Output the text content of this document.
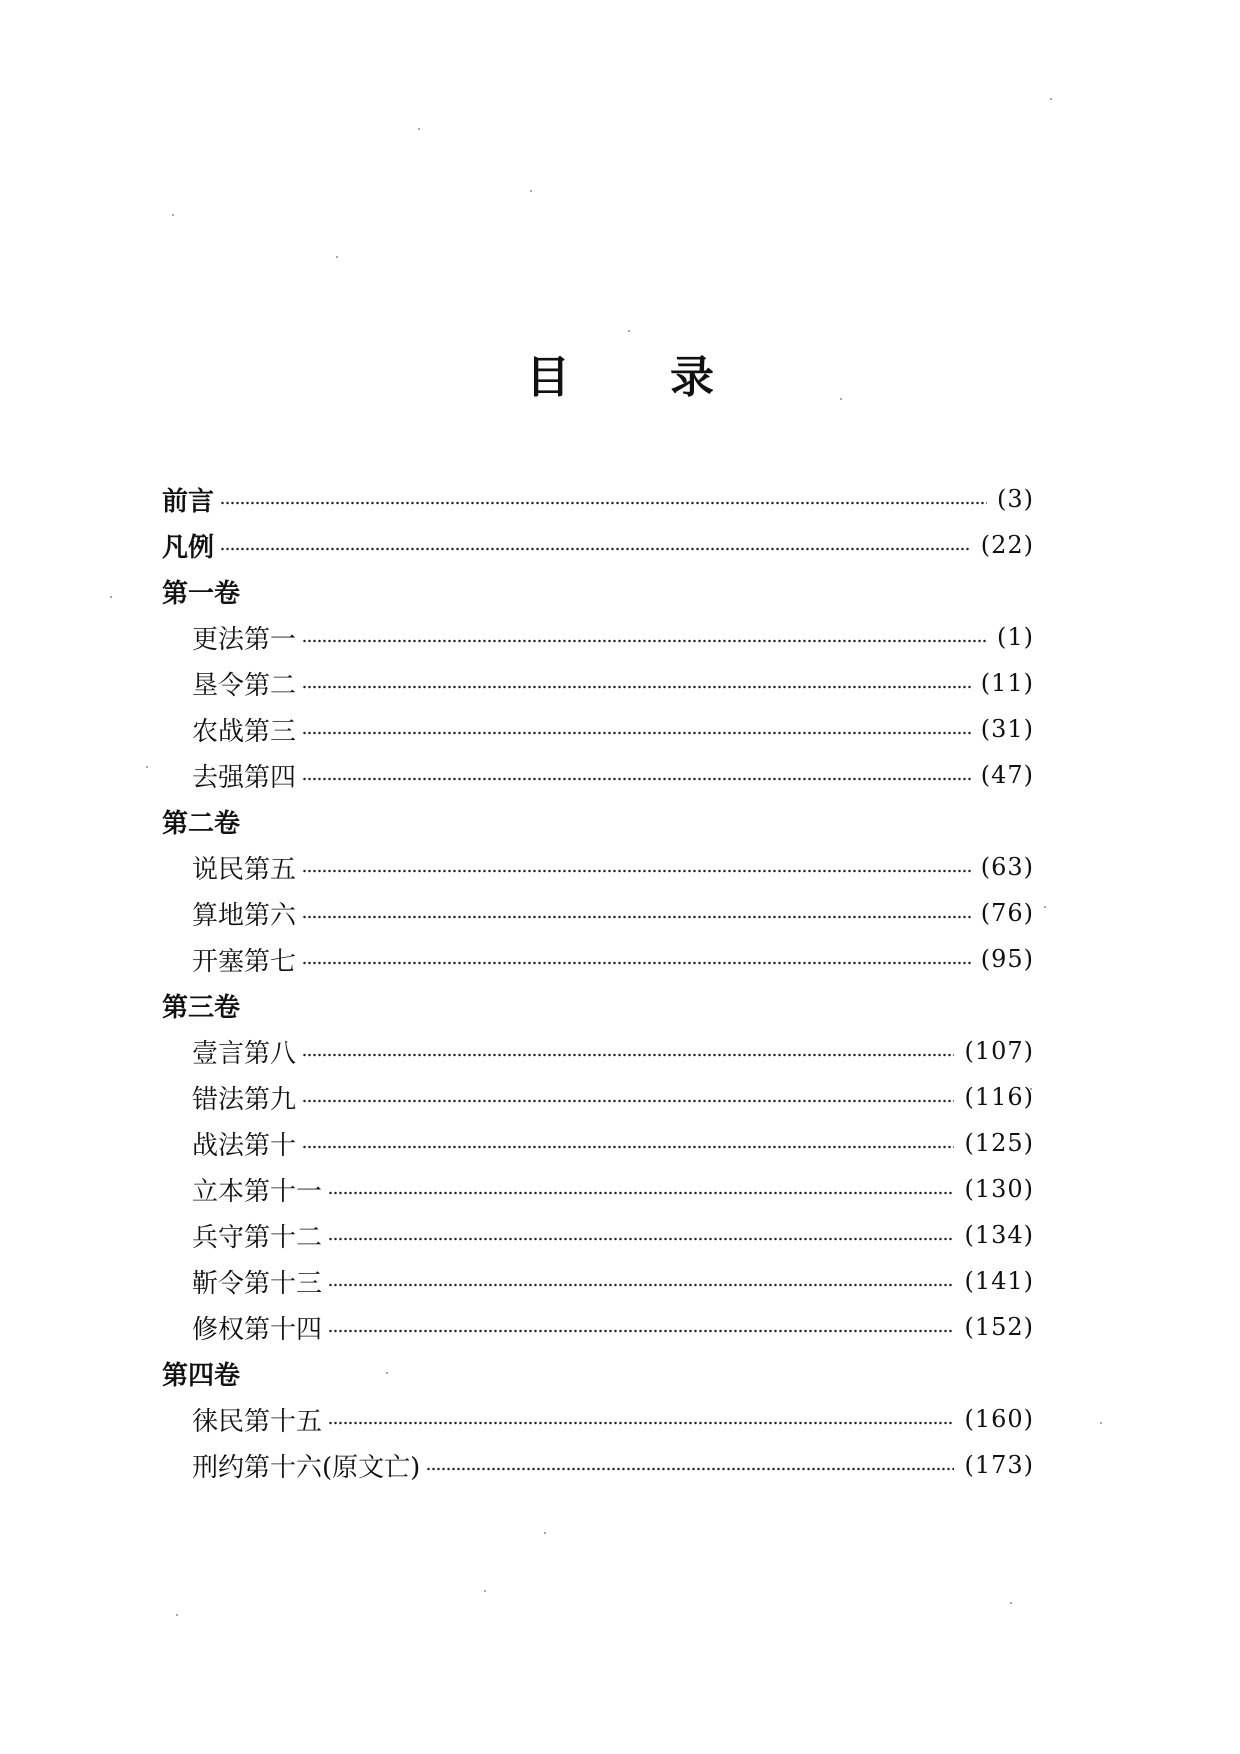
目 录
前言	(3)
凡例	(22)
第一卷
更法第一	(1)
垦令第二	(11)
农战第三	(31)
去强第四	(47)
第二卷
说民第五	(63)
算地第六	(76)
开塞第七	(95)
第三卷
壹言第八	(107)
错法第九	(116)
战法第十	(125)
立本第十一	(130)
兵守第十二	(134)
靳令第十三	(141)
修权第十四	(152)
第四卷
徕民第十五	(160)
刑约第十六(原文亡)	(173)
